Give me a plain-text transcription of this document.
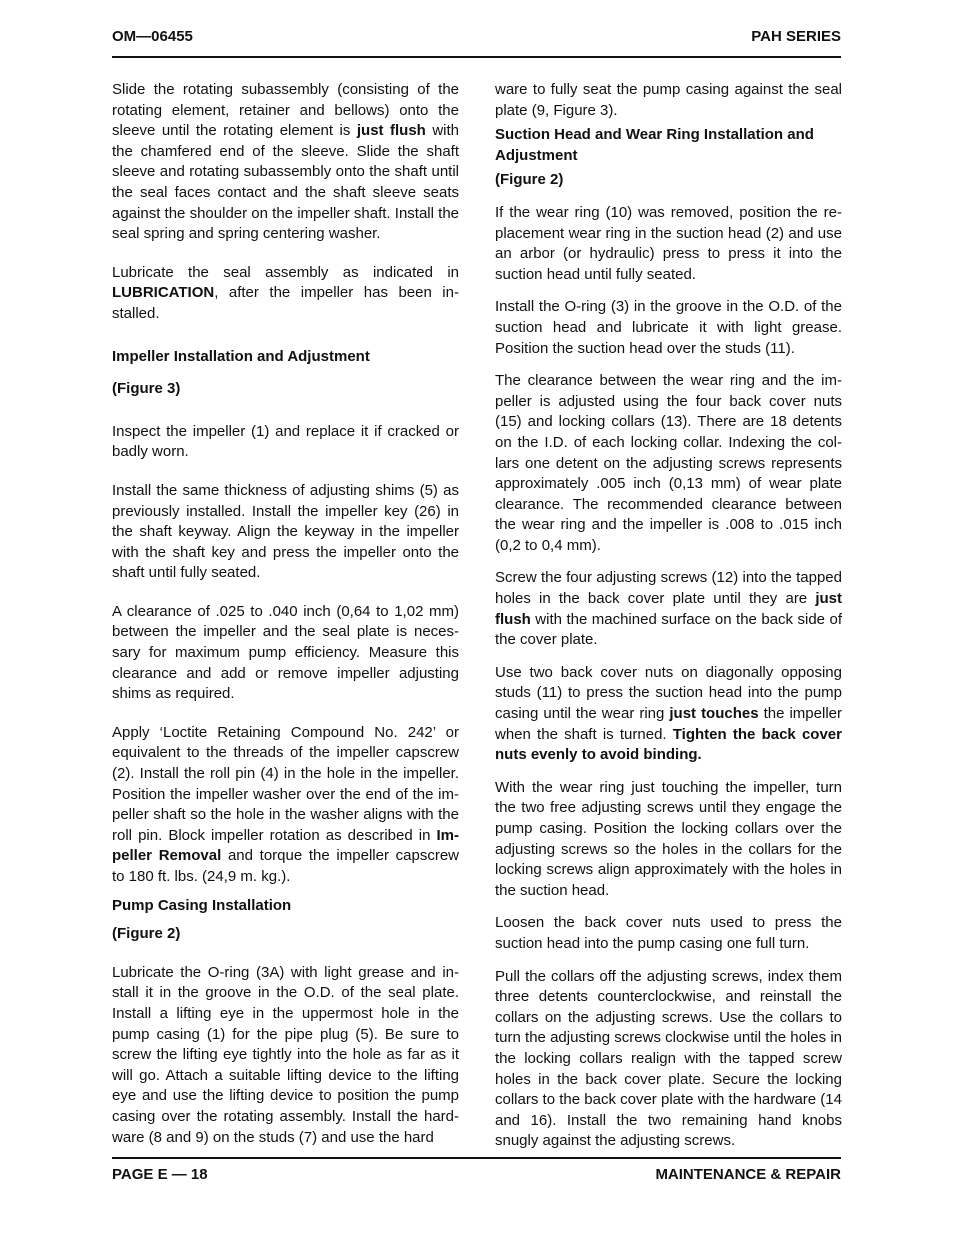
OM—06455	PAH SERIES

Slide the rotating subassembly (consisting of the rotating element, retainer and bellows) onto the sleeve until the rotating element is just flush with the chamfered end of the sleeve. Slide the shaft sleeve and rotating subassembly onto the shaft until the seal faces contact and the shaft sleeve seats against the shoulder on the impeller shaft. Install the seal spring and spring centering washer.

Lubricate the seal assembly as indicated in LUBRICATION, after the impeller has been installed.

Impeller Installation and Adjustment

(Figure 3)

Inspect the impeller (1) and replace it if cracked or badly worn.

Install the same thickness of adjusting shims (5) as previously installed. Install the impeller key (26) in the shaft keyway. Align the keyway in the impeller with the shaft key and press the impeller onto the shaft until fully seated.

A clearance of .025 to .040 inch (0,64 to 1,02 mm) between the impeller and the seal plate is necessary for maximum pump efficiency. Measure this clearance and add or remove impeller adjusting shims as required.

Apply ‘Loctite Retaining Compound No. 242’ or equivalent to the threads of the impeller capscrew (2). Install the roll pin (4) in the hole in the impeller. Position the impeller washer over the end of the impeller shaft so the hole in the washer aligns with the roll pin. Block impeller rotation as described in Impeller Removal and torque the impeller capscrew to 180 ft. lbs. (24,9 m. kg.).

Pump Casing Installation

(Figure 2)

Lubricate the O-ring (3A) with light grease and install it in the groove in the O.D. of the seal plate. Install a lifting eye in the uppermost hole in the pump casing (1) for the pipe plug (5). Be sure to screw the lifting eye tightly into the hole as far as it will go. Attach a suitable lifting device to the lifting eye and use the lifting device to position the pump casing over the rotating assembly. Install the hardware (8 and 9) on the studs (7) and use the hard

ware to fully seat the pump casing against the seal plate (9, Figure 3).

Suction Head and Wear Ring Installation and Adjustment

(Figure 2)

If the wear ring (10) was removed, position the replacement wear ring in the suction head (2) and use an arbor (or hydraulic) press to press it into the suction head until fully seated.

Install the O-ring (3) in the groove in the O.D. of the suction head and lubricate it with light grease. Position the suction head over the studs (11).

The clearance between the wear ring and the impeller is adjusted using the four back cover nuts (15) and locking collars (13). There are 18 detents on the I.D. of each locking collar. Indexing the collars one detent on the adjusting screws represents approximately .005 inch (0,13 mm) of wear plate clearance. The recommended clearance between the wear ring and the impeller is .008 to .015 inch (0,2 to 0,4 mm).

Screw the four adjusting screws (12) into the tapped holes in the back cover plate until they are just flush with the machined surface on the back side of the cover plate.

Use two back cover nuts on diagonally opposing studs (11) to press the suction head into the pump casing until the wear ring just touches the impeller when the shaft is turned. Tighten the back cover nuts evenly to avoid binding.

With the wear ring just touching the impeller, turn the two free adjusting screws until they engage the pump casing. Position the locking collars over the adjusting screws so the holes in the collars for the locking screws align approximately with the holes in the suction head.

Loosen the back cover nuts used to press the suction head into the pump casing one full turn.

Pull the collars off the adjusting screws, index them three detents counterclockwise, and reinstall the collars on the adjusting screws. Use the collars to turn the adjusting screws clockwise until the holes in the locking collars realign with the tapped screw holes in the back cover plate. Secure the locking collars to the back cover plate with the hardware (14 and 16). Install the two remaining hand knobs snugly against the adjusting screws.

PAGE E — 18	MAINTENANCE & REPAIR
